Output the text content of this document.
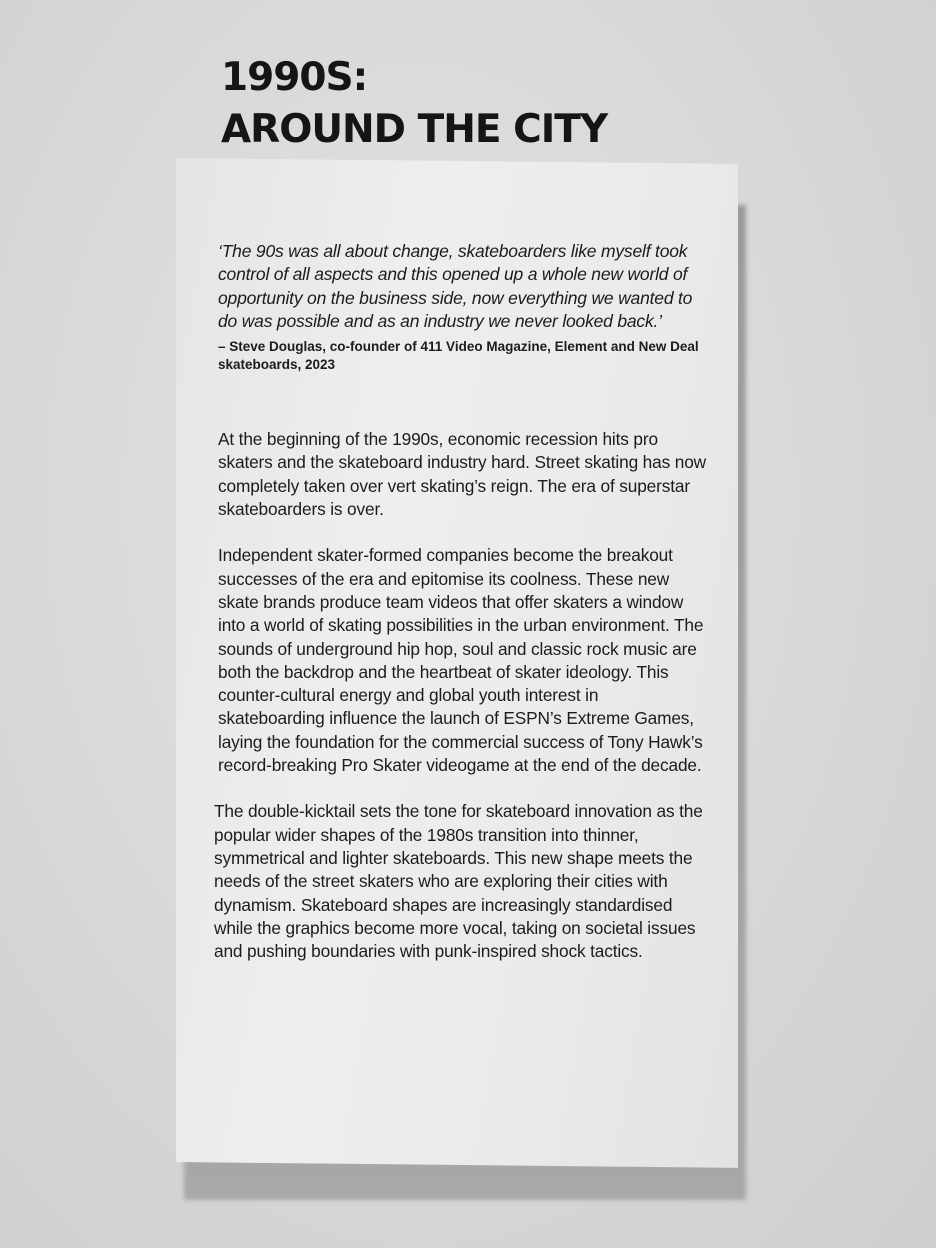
1990S:
AROUND THE CITY

‘The 90s was all about change, skateboarders like myself took control of all aspects and this opened up a whole new world of opportunity on the business side, now everything we wanted to do was possible and as an industry we never looked back.’

– Steve Douglas, co-founder of 411 Video Magazine, Element and New Deal skateboards, 2023

At the beginning of the 1990s, economic recession hits pro skaters and the skateboard industry hard. Street skating has now completely taken over vert skating’s reign. The era of superstar skateboarders is over.

Independent skater-formed companies become the breakout successes of the era and epitomise its coolness. These new skate brands produce team videos that offer skaters a window into a world of skating possibilities in the urban environment. The sounds of underground hip hop, soul and classic rock music are both the backdrop and the heartbeat of skater ideology. This counter-cultural energy and global youth interest in skateboarding influence the launch of ESPN’s Extreme Games, laying the foundation for the commercial success of Tony Hawk’s record-breaking Pro Skater videogame at the end of the decade.

The double-kicktail sets the tone for skateboard innovation as the popular wider shapes of the 1980s transition into thinner, symmetrical and lighter skateboards. This new shape meets the needs of the street skaters who are exploring their cities with dynamism. Skateboard shapes are increasingly standardised while the graphics become more vocal, taking on societal issues and pushing boundaries with punk-inspired shock tactics.
